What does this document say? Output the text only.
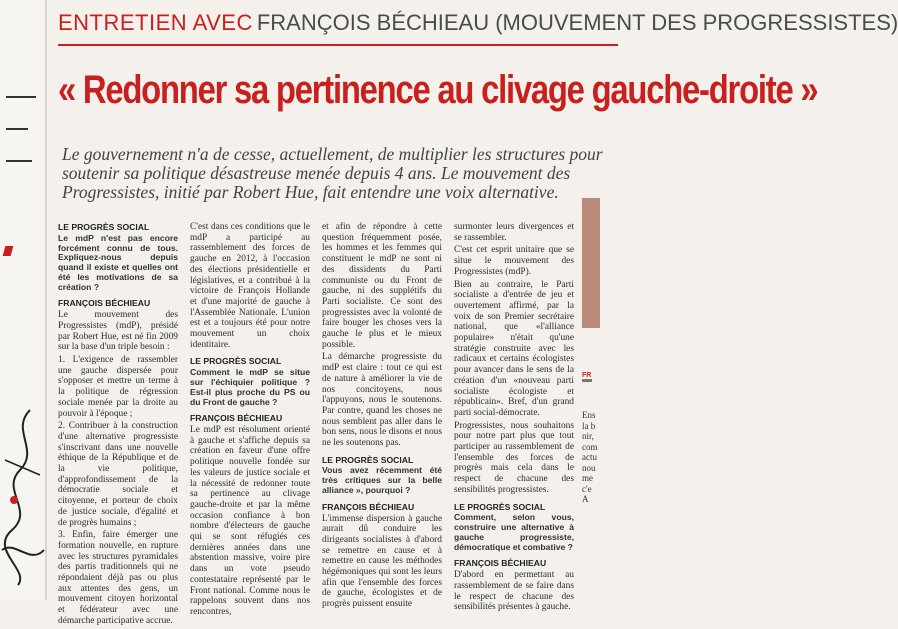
ENTRETIEN AVEC FRANÇOIS BÉCHIEAU (MOUVEMENT DES PROGRESSISTES)
« Redonner sa pertinence au clivage gauche-droite »
Le gouvernement n'a de cesse, actuellement, de multiplier les structures pour soutenir sa politique désastreuse menée depuis 4 ans. Le mouvement des Progressistes, initié par Robert Hue, fait entendre une voix alternative.
LE PROGRÈS SOCIAL

Le mdP n'est pas encore forcément connu de tous. Expliquez-nous depuis quand il existe et quelles ont été les motivations de sa création ?

FRANÇOIS BÉCHIEAU

Le mouvement des Progressistes (mdP), présidé par Robert Hue, est né fin 2009 sur la base d'un triple besoin :

1. L'exigence de rassembler une gauche dispersée pour s'opposer et mettre un terme à la politique de régression sociale menée par la droite au pouvoir à l'époque ;

2. Contribuer à la construction d'une alternative progressiste s'inscrivant dans une nouvelle éthique de la République et de la vie politique, d'approfondissement de la démocratie sociale et citoyenne, et porteur de choix de justice sociale, d'égalité et de progrès humains ;

3. Enfin, faire émerger une formation nouvelle, en rupture avec les structures pyramidales des partis traditionnels qui ne répondaient déjà pas ou plus aux attentes des gens, un mouvement citoyen horizontal et fédérateur avec une démarche participative accrue.

C'est dans ces conditions que le mdP a participé au rassemblement des forces de gauche en 2012, à l'occasion des élections présidentielle et législatives, et a contribué à la victoire de François Hollande et d'une majorité de gauche à l'Assemblée Nationale. L'union est et a toujours été pour notre mouvement un choix identitaire.

LE PROGRÈS SOCIAL

Comment le mdP se situe sur l'échiquier politique ? Est-il plus proche du PS ou du Front de gauche ?

FRANÇOIS BÉCHIEAU

Le mdP est résolument orienté à gauche et s'affiche depuis sa création en faveur d'une offre politique nouvelle fondée sur les valeurs de justice sociale et la nécessité de redonner toute sa pertinence au clivage gauche-droite et par la même occasion confiance à bon nombre d'électeurs de gauche qui se sont réfugiés ces dernières années dans une abstention massive, voire pire dans un vote pseudo contestataire représenté par le Front national. Comme nous le rappelons souvent dans nos rencontres,

et afin de répondre à cette question fréquemment posée, les hommes et les femmes qui constituent le mdP ne sont ni des dissidents du Parti communiste ou du Front de gauche, ni des supplétifs du Parti socialiste. Ce sont des progressistes avec la volonté de faire bouger les choses vers la gauche le plus et le mieux possible.

La démarche progressiste du mdP est claire : tout ce qui est de nature à améliorer la vie de nos concitoyens, nous l'appuyons, nous le soutenons. Par contre, quand les choses ne nous semblent pas aller dans le bon sens, nous le disons et nous ne les soutenons pas.

LE PROGRÈS SOCIAL

Vous avez récemment été très critiques sur la belle alliance », pourquoi ?

FRANÇOIS BÉCHIEAU

L'immense dispersion à gauche aurait dû conduire les dirigeants socialistes à d'abord se remettre en cause et à remettre en cause les méthodes hégémoniques qui sont les leurs afin que l'ensemble des forces de gauche, écologistes et de progrès puissent ensuite

surmonter leurs divergences et se rassembler.

C'est cet esprit unitaire que se situe le mouvement des Progressistes (mdP).

Bien au contraire, le Parti socialiste a d'entrée de jeu et ouvertement affirmé, par la voix de son Premier secrétaire national, que «l'alliance populaire» n'était qu'une stratégie construite avec les radicaux et certains écologistes pour avancer dans le sens de la création d'un «nouveau parti socialiste écologiste et républicain». Bref, d'un grand parti social-démocrate.

Progressistes, nous souhaitons pour notre part plus que tout participer au rassemblement de l'ensemble des forces de progrès mais cela dans le respect de chacune des sensibilités progressistes.

LE PROGRÈS SOCIAL

Comment, selon vous, construire une alternative à gauche progressiste, démocratique et combative ?

FRANÇOIS BÉCHIEAU

D'abord en permettant au rassemblement de se faire dans le respect de chacune des sensibilités présentes à gauche.

FR
Ens
la b
nir,
com
actu
nou
me
c'e
A
